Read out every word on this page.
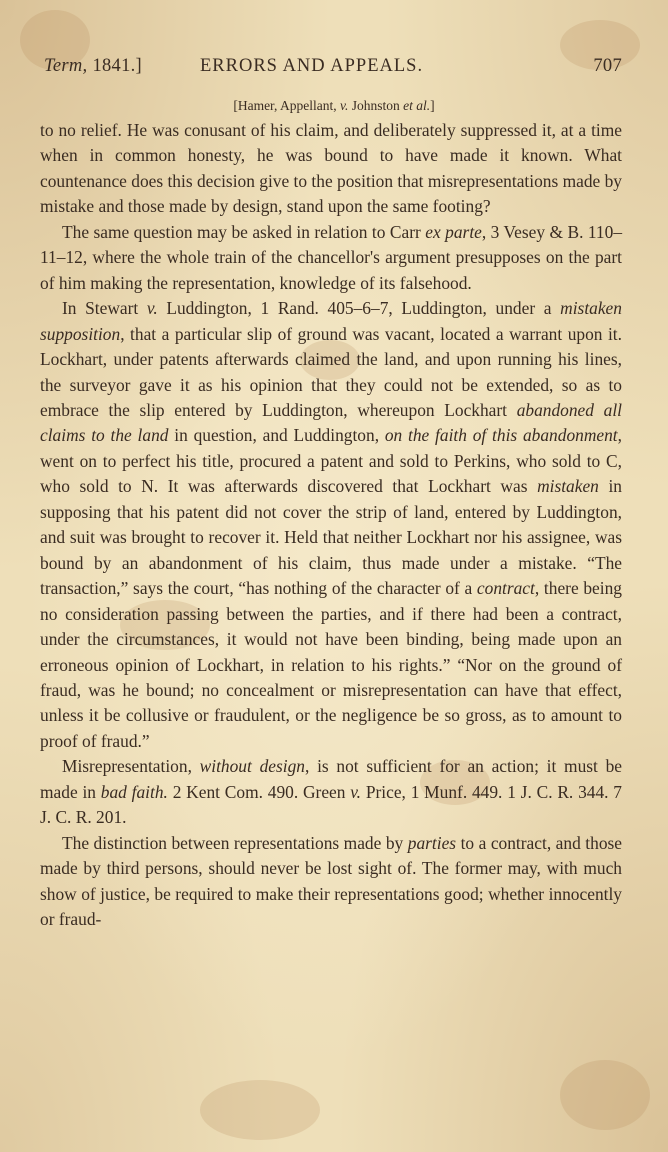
Term, 1841.]	ERRORS AND APPEALS.	707
[Hamer, Appellant, v. Johnston et al.]

to no relief. He was conusant of his claim, and deliberately suppressed it, at a time when in common honesty, he was bound to have made it known. What countenance does this decision give to the position that misrepresentations made by mistake and those made by design, stand upon the same footing?

The same question may be asked in relation to Carr ex parte, 3 Vesey & B. 110–11–12, where the whole train of the chancellor's argument presupposes on the part of him making the representation, knowledge of its falsehood.

In Stewart v. Luddington, 1 Rand. 405–6–7, Luddington, under a mistaken supposition, that a particular slip of ground was vacant, located a warrant upon it. Lockhart, under patents afterwards claimed the land, and upon running his lines, the surveyor gave it as his opinion that they could not be extended, so as to embrace the slip entered by Luddington, whereupon Lockhart abandoned all claims to the land in question, and Luddington, on the faith of this abandonment, went on to perfect his title, procured a patent and sold to Perkins, who sold to C, who sold to N. It was afterwards discovered that Lockhart was mistaken in supposing that his patent did not cover the strip of land, entered by Luddington, and suit was brought to recover it. Held that neither Lockhart nor his assignee, was bound by an abandonment of his claim, thus made under a mistake. “The transaction,” says the court, “has nothing of the character of a contract, there being no consideration passing between the parties, and if there had been a contract, under the circumstances, it would not have been binding, being made upon an erroneous opinion of Lockhart, in relation to his rights.” “Nor on the ground of fraud, was he bound; no concealment or misrepresentation can have that effect, unless it be collusive or fraudulent, or the negligence be so gross, as to amount to proof of fraud.”

Misrepresentation, without design, is not sufficient for an action; it must be made in bad faith. 2 Kent Com. 490. Green v. Price, 1 Munf. 449. 1 J. C. R. 344. 7 J. C. R. 201.

The distinction between representations made by parties to a contract, and those made by third persons, should never be lost sight of. The former may, with much show of justice, be required to make their representations good; whether innocently or fraud-
